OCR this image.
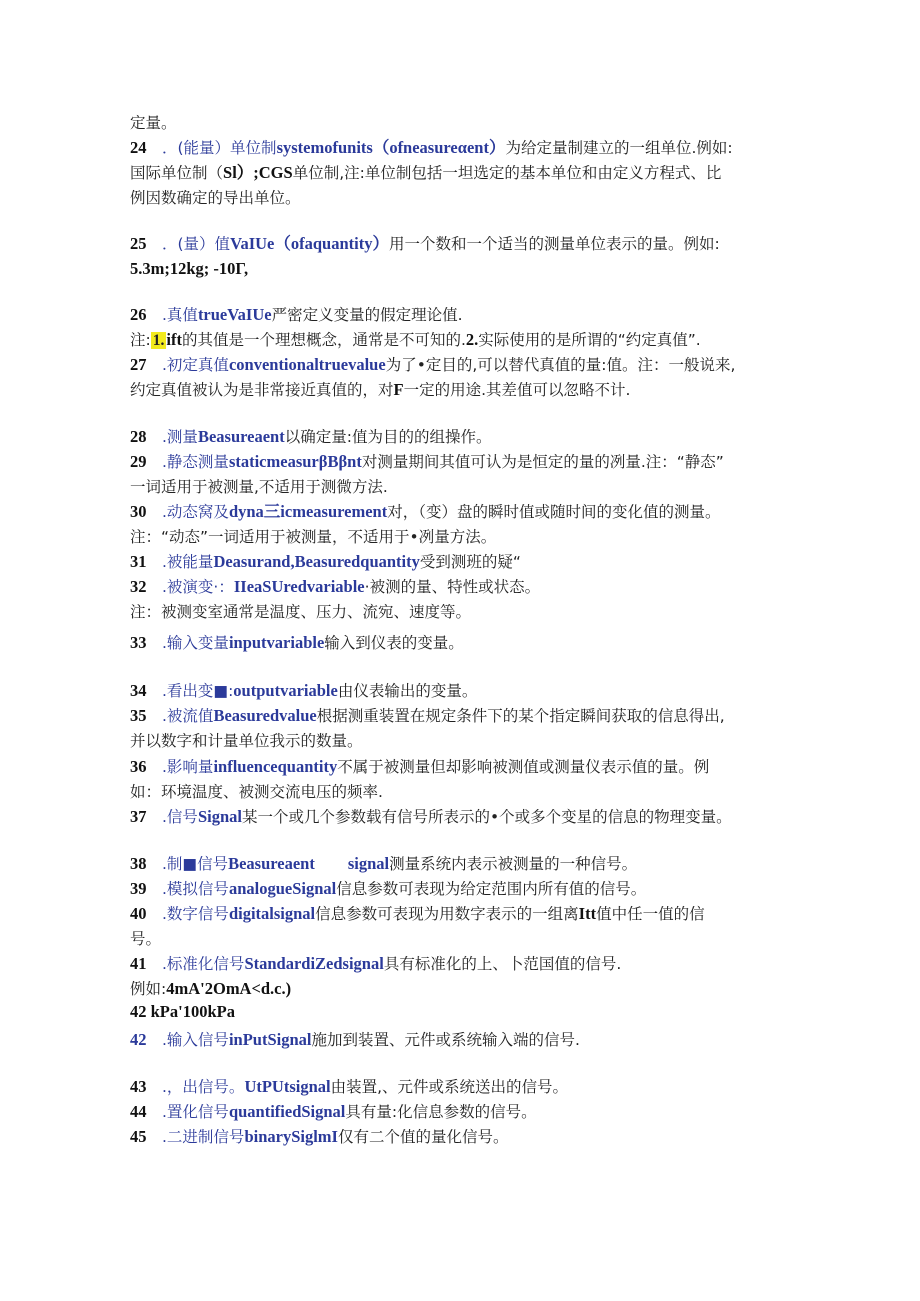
定量。
24 ．(能量）单位制systemofunits（ofneasureαent）为给定量制建立的一组单位.例如:
国际单位制（Sl）;CGS单位制,注:单位制包括一坦选定的基本单位和由定义方程式、比
例因数确定的导出单位。
25 ．(量）值VaIUe（ofaquantity）用一个数和一个适当的测量单位表示的量。例如:
5.3m;12kg; -10Г,
26 .真值trueVaIUe严密定义变量的假定理论值.
注: 1. ift的其值是一个理想概念，通常是不可知的.2.实际使用的是所谓的“约定真值”.
27 .初定真值conventionaltruevalue为了•定目的,可以替代真值的量:值。注：一般说来,
约定真值被认为是非常接近真值的，对F一定的用途.其差值可以忽略不计.
28 .测量Beasureaent以确定量:值为目的的组操作。
29 .静态测量staticmeasurβBβnt对测量期间其值可认为是恒定的量的冽量.注：“静态”
一词适用于被测量,不适用于测微方法.
30 .动态窝及dyna三icmeasurement对，（变）盘的瞬时值或随时间的变化值的测量。
注：“动态”一词适用于被测量，不适用于•冽量方法。
31 .被能量Deasurand,Beasuredquantity受到测班的疑“
32 .被演变·：IIeaSUredvariable·被测的量、特性或状态。
注：被测变室通常是温度、压力、流宛、速度等。
33 .输入变量inputvariable输入到仪表的变量。
34 .看出变■:outputvariable由仪表输出的变量。
35 .被流值Beasuredvalue根据测重装置在规定条件下的某个指定瞬间获取的信息得出,
并以数字和计量单位我示的数量。
36 .影响量influencequantity不属于被测量但却影响被测值或测量仪表示值的量。例
如：环境温度、被测交流电压的频率.
37 .信号Signal某一个或几个参数载有信号所表示的•个或多个变星的信息的物理变量。
38 .制■信号Beasureaent        signal测量系统内表示被测量的一种信号。
39 .模拟信号analogueSignal信息参数可表现为给定范围内所有值的信号。
40 .数字信号digitalsignal信息参数可表现为用数字表示的一组离Itt值中任一值的信
号。
41 .标准化信号StandardiZedsignal具有标准化的上、卜范国值的信号.
例如:4mA'2OmA<d.c.)
42 kPa'100kPa
42 .输入信号inPutSignal施加到装置、元件或系统输入端的信号.
43 .，出信号。UtPUtsignal由装置,、元件或系统送出的信号。
44 .置化信号quantifiedSignal具有量:化信息参数的信号。
45 .二进制信号binarySiglmI仅有二个值的量化信号。
